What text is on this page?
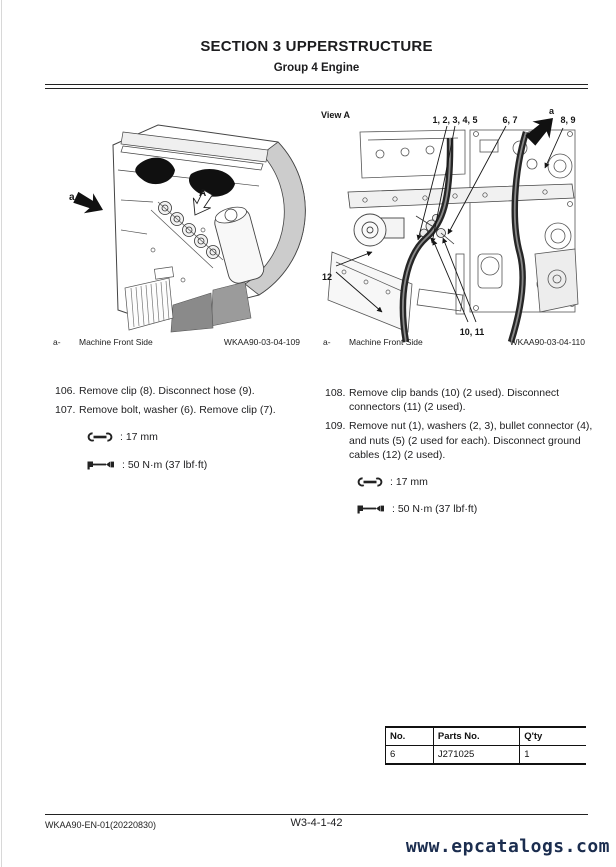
SECTION 3 UPPERSTRUCTURE
Group 4 Engine
a	A
a-	Machine Front Side	WKAA90-03-04-109
View A	1, 2, 3, 4, 5	6, 7
a
8, 9
12
10, 11
a-	Machine Front Side	WKAA90-03-04-110
106. Remove clip (8). Disconnect hose (9).
107. Remove bolt, washer (6). Remove clip (7).
: 17 mm
: 50 N·m (37 lbf·ft)
108. Remove clip bands (10) (2 used). Disconnect connectors (11) (2 used).
109. Remove nut (1), washers (2, 3), bullet connector (4), and nuts (5) (2 used for each). Disconnect ground cables (12) (2 used).
: 17 mm
: 50 N·m (37 lbf·ft)
No.	Parts No.	Q'ty
6	J271025	1
WKAA90-EN-01(20220830)	W3-4-1-42
www.epcatalogs.com
